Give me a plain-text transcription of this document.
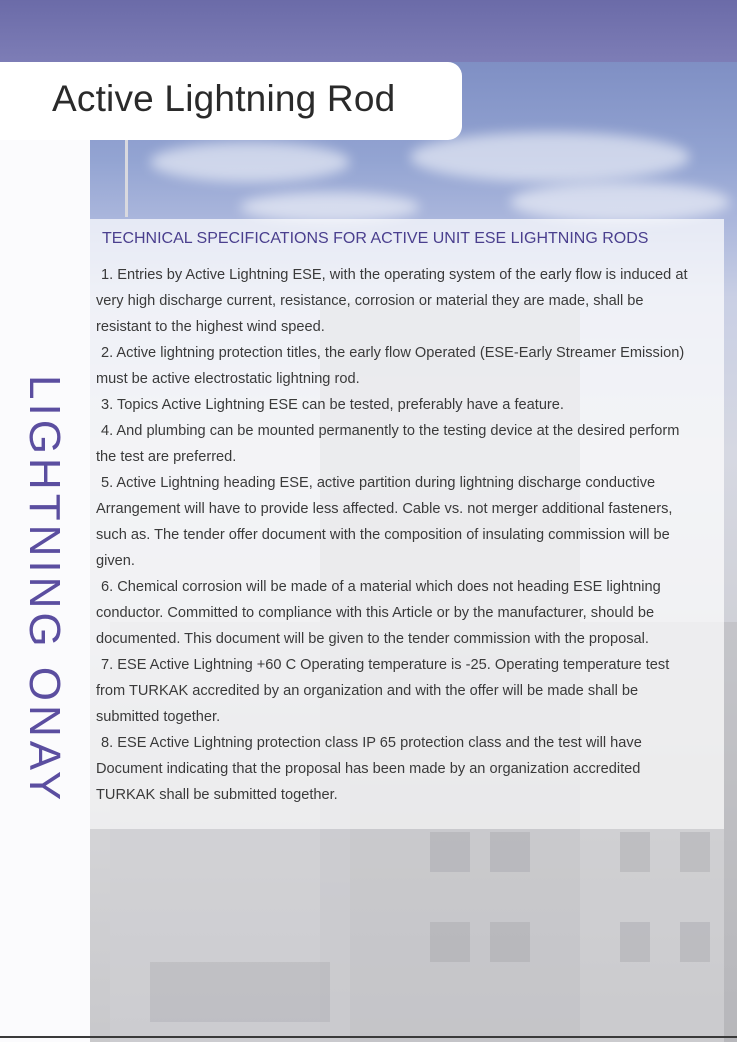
Active Lightning Rod
TECHNICAL SPECIFICATIONS FOR ACTIVE UNIT ESE LIGHTNING RODS
1. Entries by Active Lightning ESE, with the operating system of the early flow is induced at very high discharge current, resistance, corrosion or material they are made, shall be resistant to the highest wind speed.
2. Active lightning protection titles, the early flow Operated (ESE-Early Streamer Emission) must be active electrostatic lightning rod.
3. Topics Active Lightning ESE can be tested, preferably have a feature.
4. And plumbing can be mounted permanently to the testing device at the desired perform the test are preferred.
5. Active Lightning heading ESE, active partition during lightning discharge conductive Arrangement will have to provide less affected. Cable vs. not merger additional fasteners, such as. The tender offer document with the composition of insulating commission will be given.
6. Chemical corrosion will be made of a material which does not heading ESE lightning conductor. Committed to compliance with this Article or by the manufacturer, should be documented. This document will be given to the tender commission with the proposal.
7. ESE Active Lightning +60 C Operating temperature is -25. Operating temperature test from TURKAK accredited by an organization and with the offer will be made shall be submitted together.
8. ESE Active Lightning protection class IP 65 protection class and the test will have Document indicating that the proposal has been made by an organization accredited TURKAK shall be submitted together.
LIGHTNING ONAY
